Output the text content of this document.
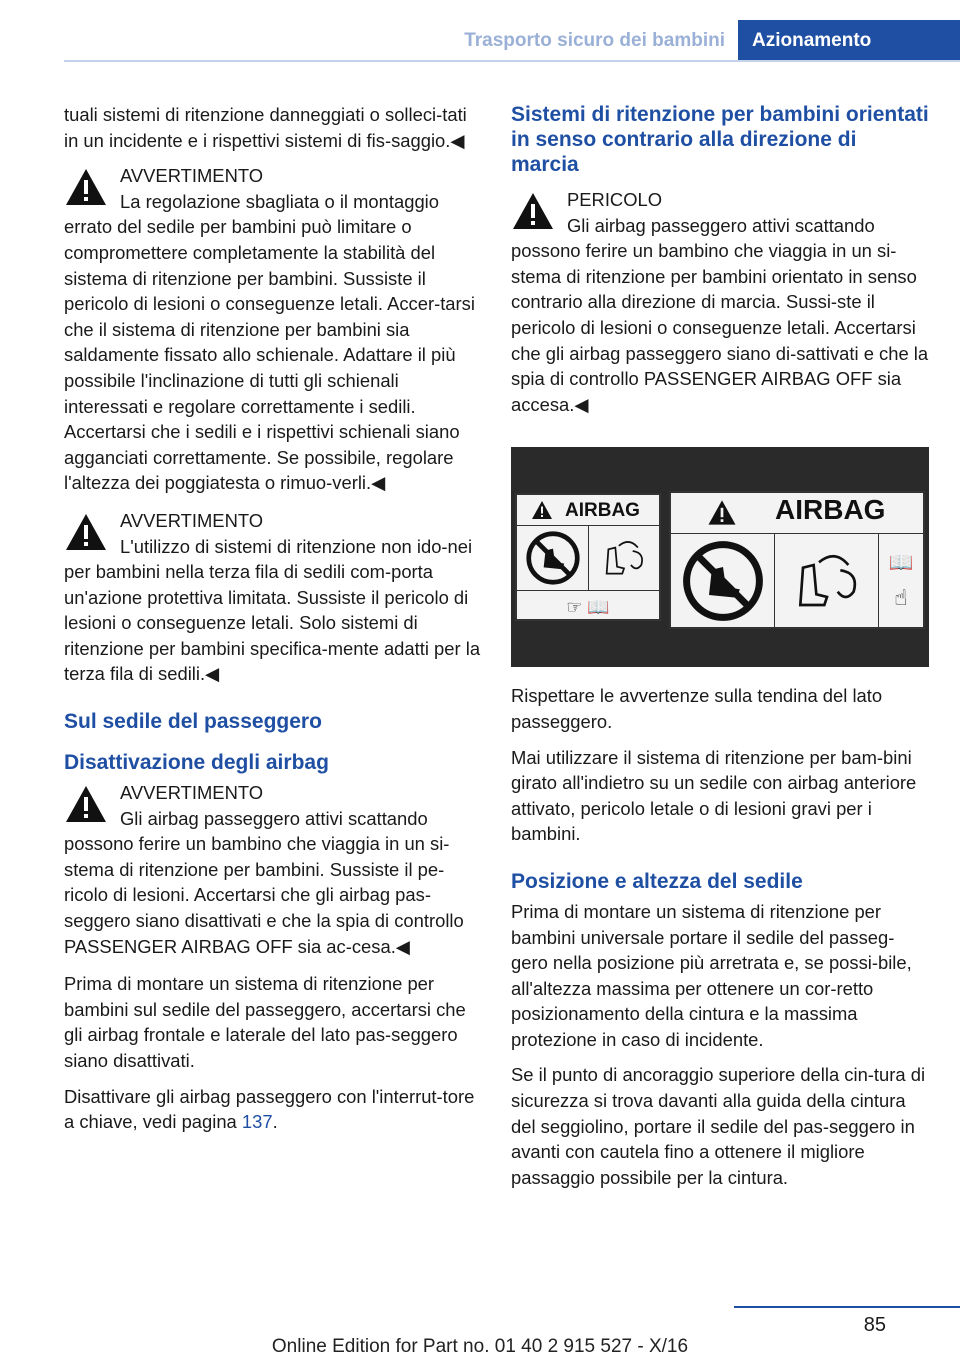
Trasporto sicuro dei bambini	Azionamento

tuali sistemi di ritenzione danneggiati o solleci‐tati in un incidente e i rispettivi sistemi di fis‐saggio.◀

AVVERTIMENTO
La regolazione sbagliata o il montaggio errato del sedile per bambini può limitare o compromettere completamente la stabilità del sistema di ritenzione per bambini. Sussiste il pericolo di lesioni o conseguenze letali. Accer‐tarsi che il sistema di ritenzione per bambini sia saldamente fissato allo schienale. Adattare il più possibile l'inclinazione di tutti gli schienali interessati e regolare correttamente i sedili. Accertarsi che i sedili e i rispettivi schienali siano agganciati correttamente. Se possibile, regolare l'altezza dei poggiatesta o rimuo‐verli.◀
AVVERTIMENTO
L'utilizzo di sistemi di ritenzione non ido‐nei per bambini nella terza fila di sedili com‐porta un'azione protettiva limitata. Sussiste il pericolo di lesioni o conseguenze letali. Solo sistemi di ritenzione per bambini specifica‐mente adatti per la terza fila di sedili.◀
Sul sedile del passeggero
Disattivazione degli airbag
AVVERTIMENTO
Gli airbag passeggero attivi scattando possono ferire un bambino che viaggia in un si‐stema di ritenzione per bambini. Sussiste il pe‐ricolo di lesioni. Accertarsi che gli airbag pas‐seggero siano disattivati e che la spia di controllo PASSENGER AIRBAG OFF sia ac‐cesa.◀

Prima di montare un sistema di ritenzione per bambini sul sedile del passeggero, accertarsi che gli airbag frontale e laterale del lato pas‐seggero siano disattivati.

Disattivare gli airbag passeggero con l'interrut‐tore a chiave, vedi pagina 137.

Sistemi di ritenzione per bambini orientati in senso contrario alla direzione di marcia
PERICOLO
Gli airbag passeggero attivi scattando possono ferire un bambino che viaggia in un si‐stema di ritenzione per bambini orientato in senso contrario alla direzione di marcia. Sussi‐ste il pericolo di lesioni o conseguenze letali. Accertarsi che gli airbag passeggero siano di‐sattivati e che la spia di controllo PASSENGER AIRBAG OFF sia accesa.◀
AIRBAG
☞ 📖
AIRBAG
📖
☝

Rispettare le avvertenze sulla tendina del lato passeggero.

Mai utilizzare il sistema di ritenzione per bam‐bini girato all'indietro su un sedile con airbag anteriore attivato, pericolo letale o di lesioni gravi per i bambini.

Posizione e altezza del sedile

Prima di montare un sistema di ritenzione per bambini universale portare il sedile del passeg‐gero nella posizione più arretrata e, se possi‐bile, all'altezza massima per ottenere un cor‐retto posizionamento della cintura e la massima protezione in caso di incidente.

Se il punto di ancoraggio superiore della cin‐tura di sicurezza si trova davanti alla guida della cintura del seggiolino, portare il sedile del pas‐seggero in avanti con cautela fino a ottenere il migliore passaggio possibile per la cintura.

85
Online Edition for Part no. 01 40 2 915 527 - X/16
